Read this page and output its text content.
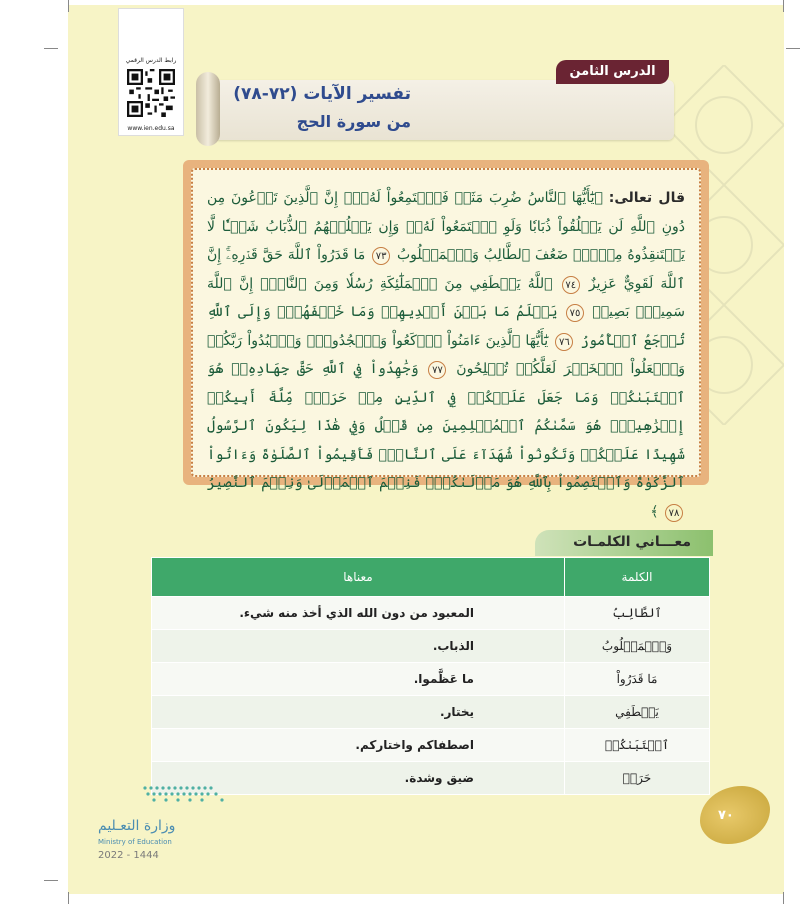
رابط الدرس الرقمي
www.ien.edu.sa
تفسير الآيات (٧٢-٧٨)
من سورة الحج
الدرس الثامن

قال تعالى: ﴿يَٰٓأَيُّهَا ٱلنَّاسُ ضُرِبَ مَثَلٞ فَٱسۡتَمِعُواْ لَهُۥٓۚ إِنَّ ٱلَّذِينَ تَدۡعُونَ مِن دُونِ ٱللَّهِ لَن يَخۡلُقُواْ ذُبَابٗا وَلَوِ ٱجۡتَمَعُواْ لَهُۥۖ وَإِن يَسۡلُبۡهُمُ ٱلذُّبَابُ شَيۡـٔٗا لَّا يَسۡتَنقِذُوهُ مِنۡهُۚ ضَعُفَ ٱلطَّالِبُ وَٱلۡمَطۡلُوبُ ٧٣ مَا قَدَرُواْ ٱللَّهَ حَقَّ قَدۡرِهِۦٓۚ إِنَّ ٱللَّهَ لَقَوِيٌّ عَزِيزٌ ٧٤ ٱللَّهُ يَصۡطَفِي مِنَ ٱلۡمَلَٰٓئِكَةِ رُسُلٗا وَمِنَ ٱلنَّاسِۚ إِنَّ ٱللَّهَ سَمِيعُۢ بَصِيرٞ ٧٥ يَعۡلَمُ مَا بَيۡنَ أَيۡدِيهِمۡ وَمَا خَلۡفَهُمۡۚ وَإِلَى ٱللَّهِ تُرۡجَعُ ٱلۡأُمُورُ ٧٦ يَٰٓأَيُّهَا ٱلَّذِينَ ءَامَنُواْ ٱرۡكَعُواْ وَٱسۡجُدُواْۤ وَٱعۡبُدُواْ رَبَّكُمۡ وَٱفۡعَلُواْ ٱلۡخَيۡرَ لَعَلَّكُمۡ تُفۡلِحُونَ ٧٧ وَجَٰهِدُواْ فِي ٱللَّهِ حَقَّ جِهَادِهِۦۚ هُوَ ٱجۡتَبَىٰكُمۡ وَمَا جَعَلَ عَلَيۡكُمۡ فِي ٱلدِّينِ مِنۡ حَرَجٖۚ مِّلَّةَ أَبِيكُمۡ إِبۡرَٰهِيمَۚ هُوَ سَمَّىٰكُمُ ٱلۡمُسۡلِمِينَ مِن قَبۡلُ وَفِي هَٰذَا لِيَكُونَ ٱلرَّسُولُ شَهِيدًا عَلَيۡكُمۡ وَتَكُونُواْ شُهَدَآءَ عَلَى ٱلنَّاسِۚ فَأَقِيمُواْ ٱلصَّلَوٰةَ وَءَاتُواْ ٱلزَّكَوٰةَ وَٱعۡتَصِمُواْ بِٱللَّهِ هُوَ مَوۡلَىٰكُمۡۖ فَنِعۡمَ ٱلۡمَوۡلَىٰ وَنِعۡمَ ٱلنَّصِيرُ ٧٨ ﴾

معـــاني الكلمـات
الكلمة	معناها
ٱلطَّالِبُ	المعبود من دون الله الذي أخذ منه شيء.
وَٱلۡمَطۡلُوبُ	الذباب.
مَا قَدَرُواْ	ما عَظَّموا.
يَصۡطَفِي	يختار.
ٱجۡتَبَىٰكُمۡ	اصطفاكم واختاركم.
حَرَجٖ	ضيق وشدة.
٧٠
وزارة التعـليم
Ministry of Education
2022 - 1444
